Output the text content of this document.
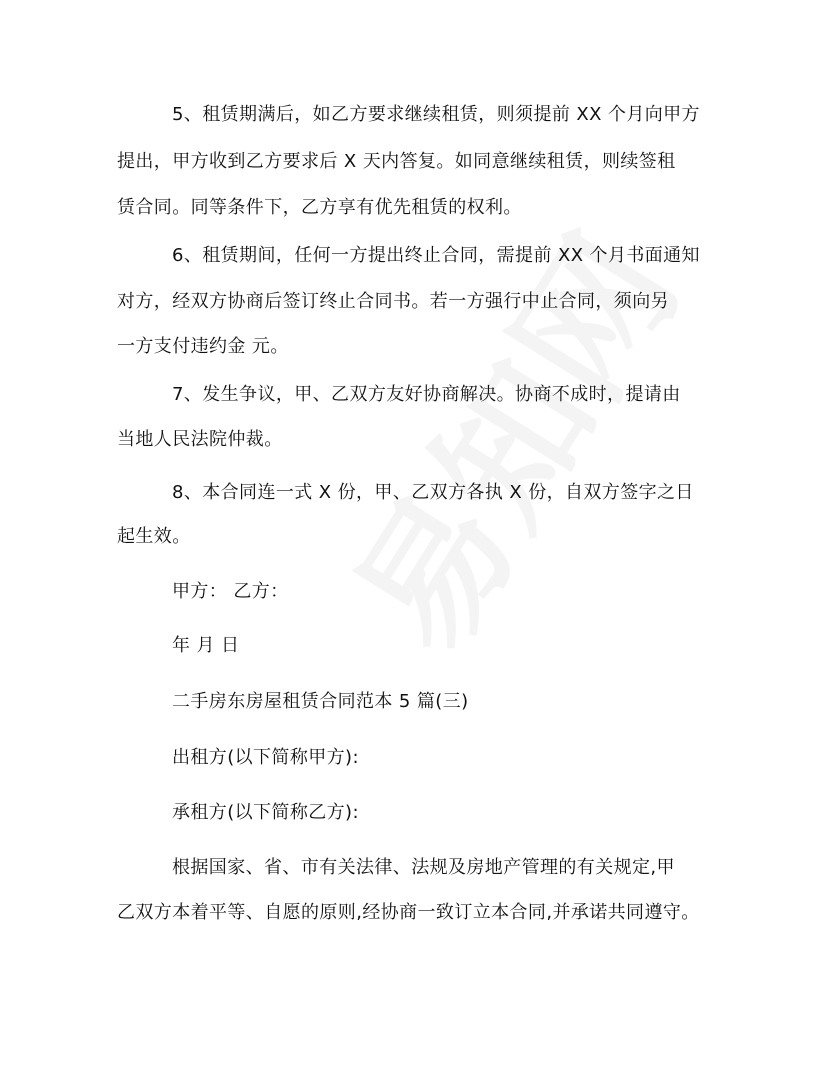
5、租赁期满后，如乙方要求继续租赁，则须提前 XX 个月向甲方
提出，甲方收到乙方要求后 X 天内答复。如同意继续租赁，则续签租
赁合同。同等条件下，乙方享有优先租赁的权利。
6、租赁期间，任何一方提出终止合同，需提前 XX 个月书面通知
对方，经双方协商后签订终止合同书。若一方强行中止合同，须向另
一方支付违约金 元。
7、发生争议，甲、乙双方友好协商解决。协商不成时，提请由
当地人民法院仲裁。
8、本合同连一式 X 份，甲、乙双方各执 X 份，自双方签字之日
起生效。
甲方： 乙方：
年 月 日
二手房东房屋租赁合同范本 5 篇(三)
出租方(以下简称甲方):
承租方(以下简称乙方):
根据国家、省、市有关法律、法规及房地产管理的有关规定,甲
乙双方本着平等、自愿的原则,经协商一致订立本合同,并承诺共同遵守。
